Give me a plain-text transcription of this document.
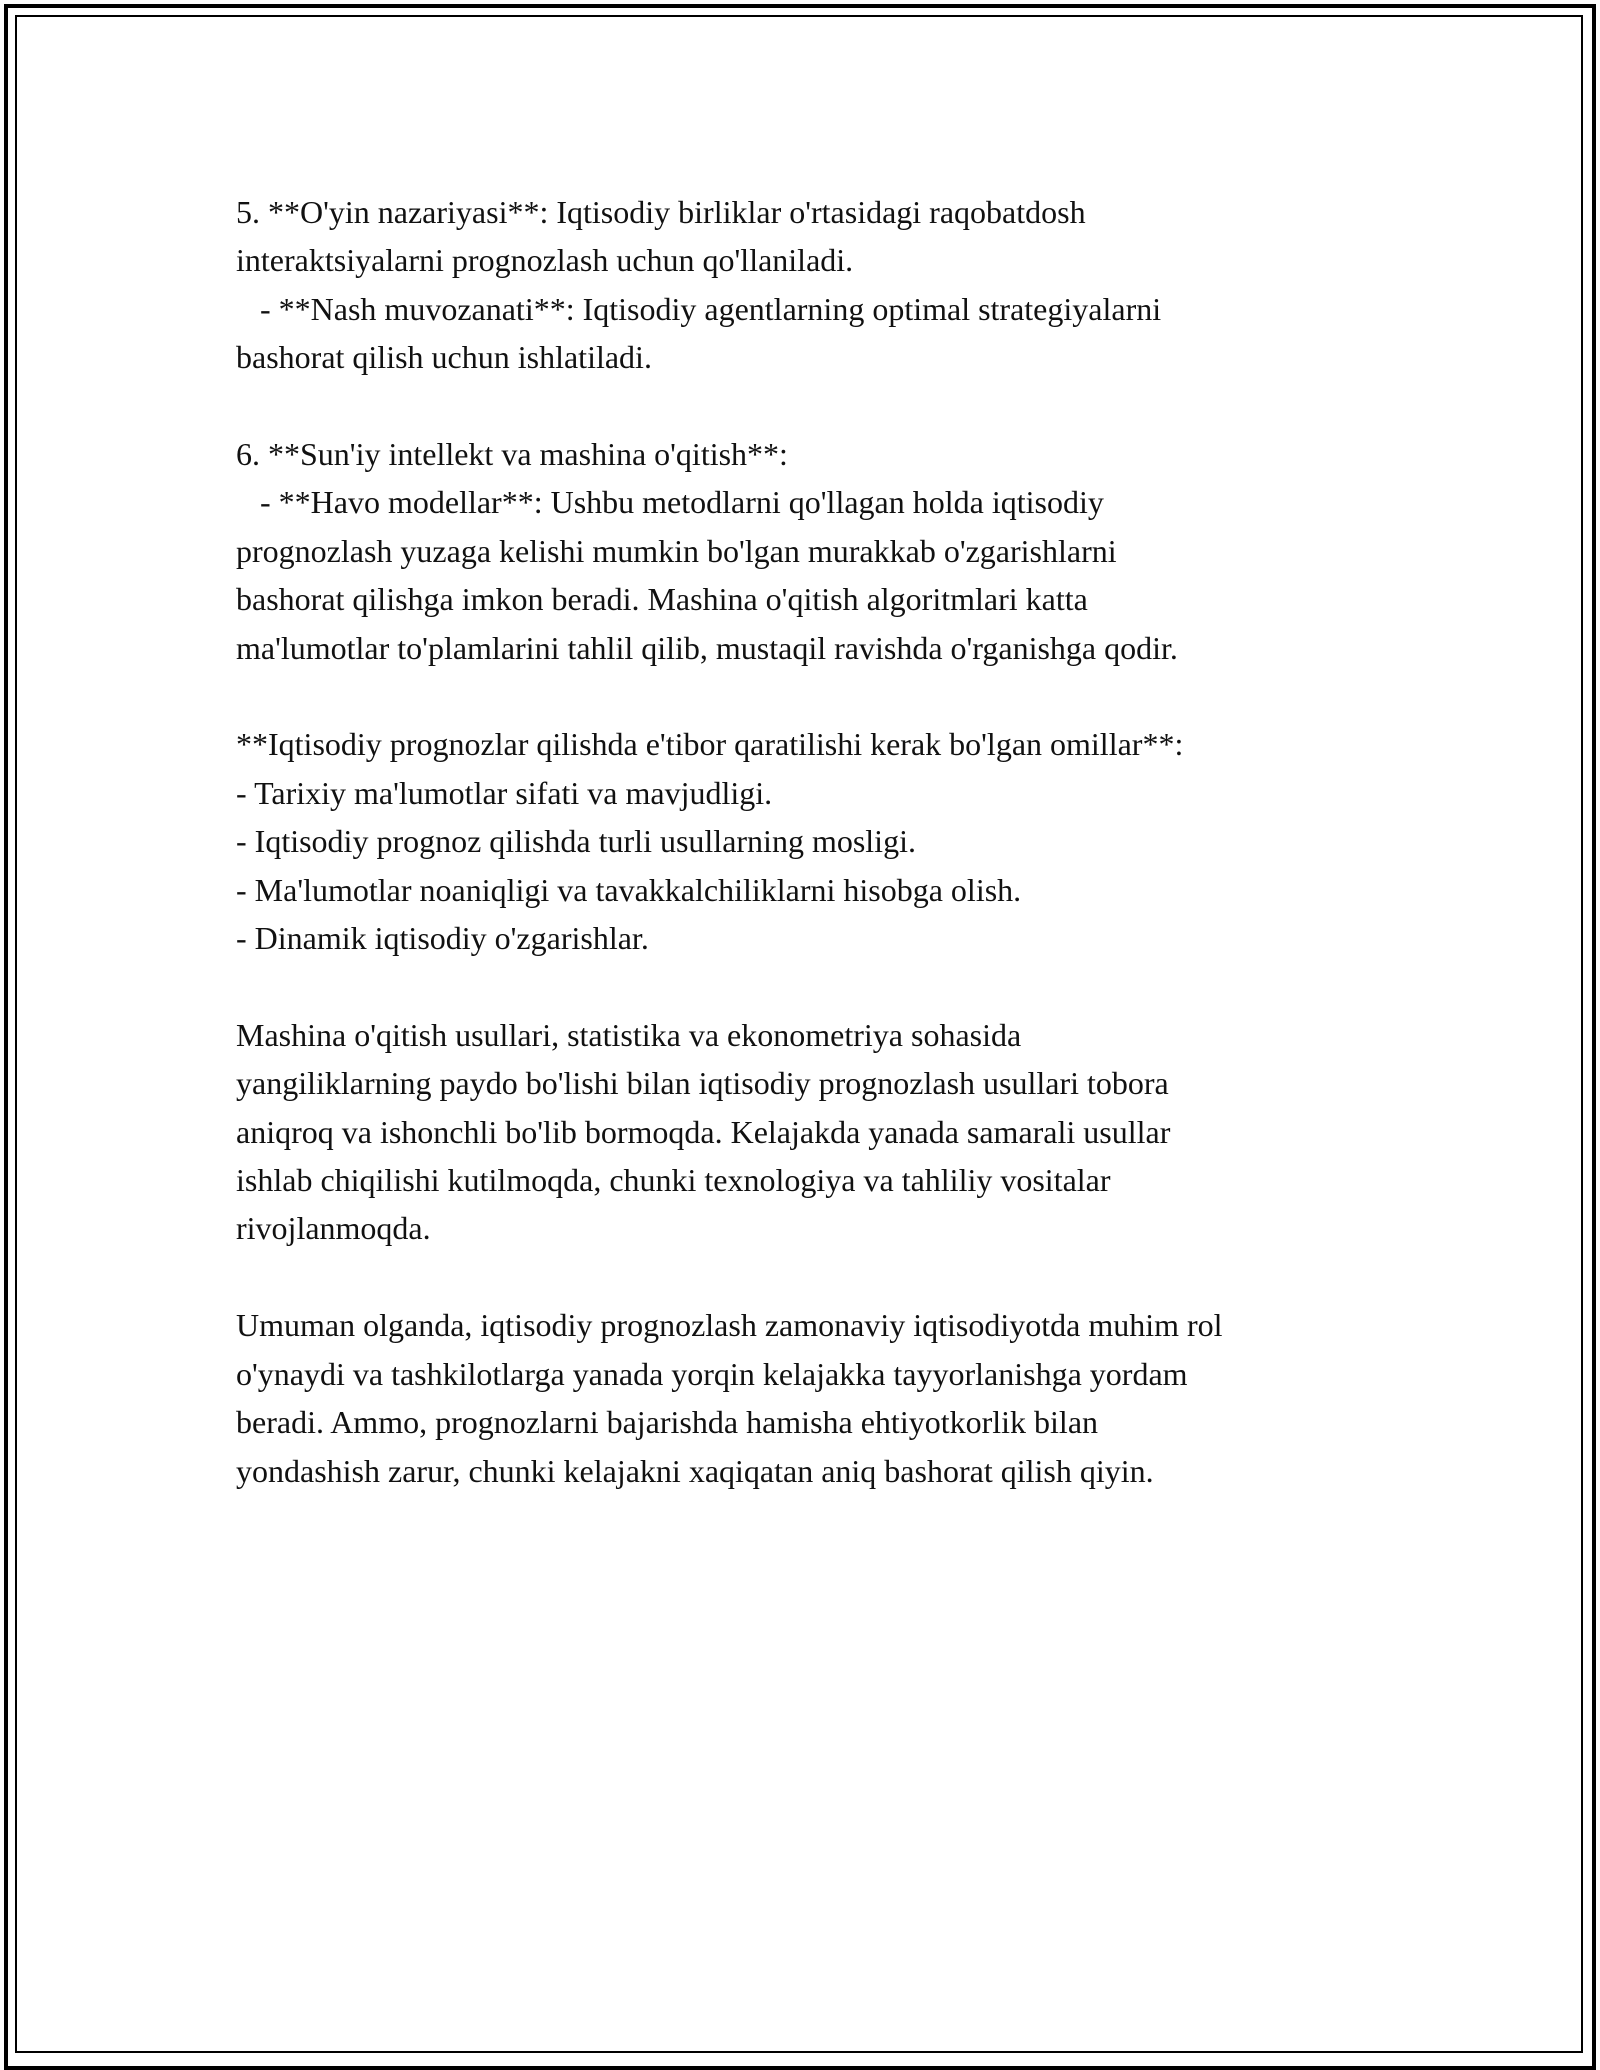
5. **O'yin nazariyasi**: Iqtisodiy birliklar o'rtasidagi raqobatdosh
interaktsiyalarni prognozlash uchun qo'llaniladi.
- **Nash muvozanati**: Iqtisodiy agentlarning optimal strategiyalarni
bashorat qilish uchun ishlatiladi.
6. **Sun'iy intellekt va mashina o'qitish**:
- **Havo modellar**: Ushbu metodlarni qo'llagan holda iqtisodiy
prognozlash yuzaga kelishi mumkin bo'lgan murakkab o'zgarishlarni
bashorat qilishga imkon beradi. Mashina o'qitish algoritmlari katta
ma'lumotlar to'plamlarini tahlil qilib, mustaqil ravishda o'rganishga qodir.
**Iqtisodiy prognozlar qilishda e'tibor qaratilishi kerak bo'lgan omillar**:
- Tarixiy ma'lumotlar sifati va mavjudligi.
- Iqtisodiy prognoz qilishda turli usullarning mosligi.
- Ma'lumotlar noaniqligi va tavakkalchiliklarni hisobga olish.
- Dinamik iqtisodiy o'zgarishlar.
Mashina o'qitish usullari, statistika va ekonometriya sohasida
yangiliklarning paydo bo'lishi bilan iqtisodiy prognozlash usullari tobora
aniqroq va ishonchli bo'lib bormoqda. Kelajakda yanada samarali usullar
ishlab chiqilishi kutilmoqda, chunki texnologiya va tahliliy vositalar
rivojlanmoqda.
Umuman olganda, iqtisodiy prognozlash zamonaviy iqtisodiyotda muhim rol
o'ynaydi va tashkilotlarga yanada yorqin kelajakka tayyorlanishga yordam
beradi. Ammo, prognozlarni bajarishda hamisha ehtiyotkorlik bilan
yondashish zarur, chunki kelajakni xaqiqatan aniq bashorat qilish qiyin.
